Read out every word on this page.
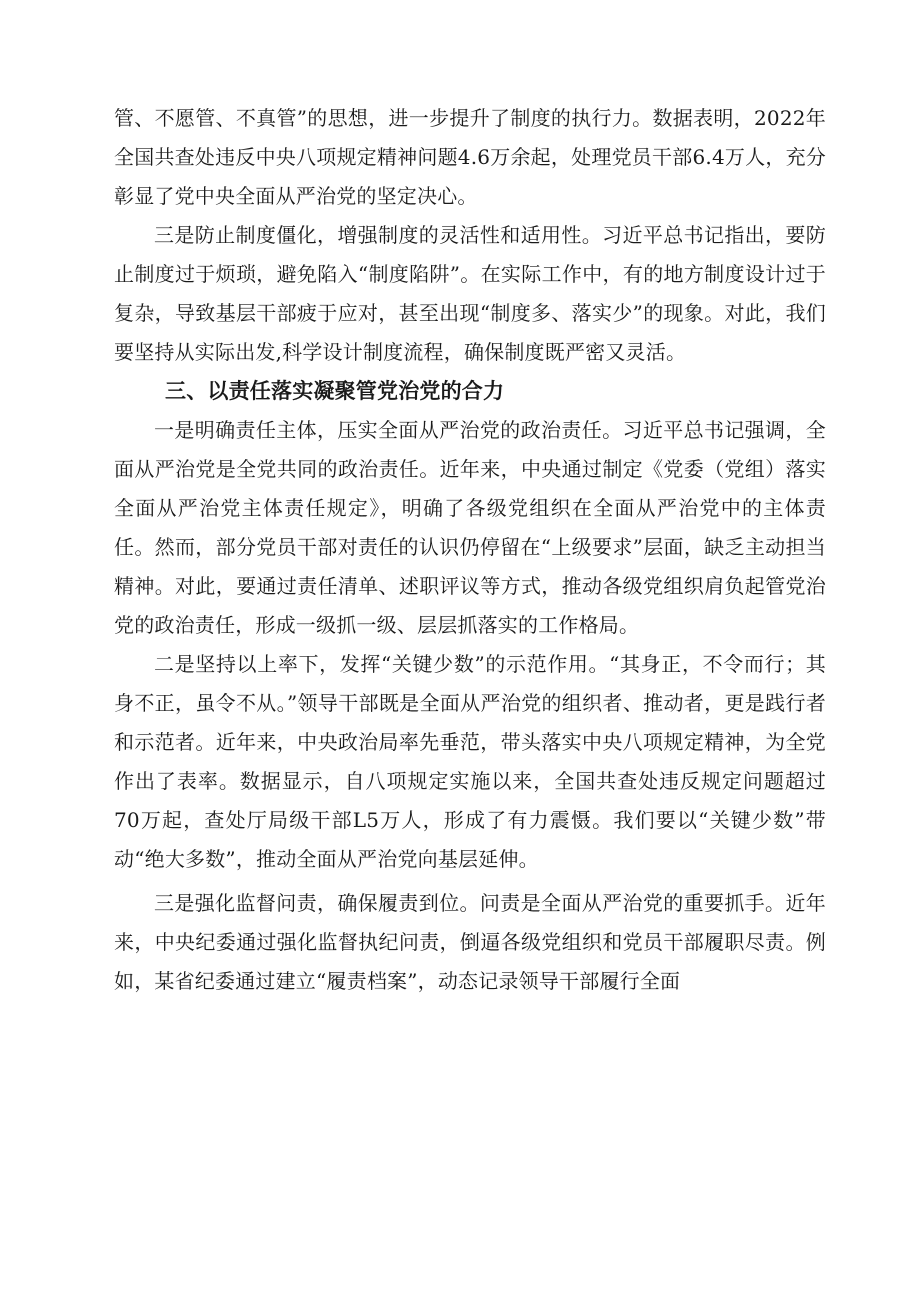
管、不愿管、不真管”的思想，进一步提升了制度的执行力。数据表明，2022年全国共查处违反中央八项规定精神问题4.6万余起，处理党员干部6.4万人，充分彰显了党中央全面从严治党的坚定决心。

三是防止制度僵化，增强制度的灵活性和适用性。习近平总书记指出，要防止制度过于烦琐，避免陷入“制度陷阱”。在实际工作中，有的地方制度设计过于复杂，导致基层干部疲于应对，甚至出现“制度多、落实少”的现象。对此，我们要坚持从实际出发,科学设计制度流程，确保制度既严密又灵活。

三、以责任落实凝聚管党治党的合力

一是明确责任主体，压实全面从严治党的政治责任。习近平总书记强调，全面从严治党是全党共同的政治责任。近年来，中央通过制定《党委（党组）落实全面从严治党主体责任规定》，明确了各级党组织在全面从严治党中的主体责任。然而，部分党员干部对责任的认识仍停留在“上级要求”层面，缺乏主动担当精神。对此，要通过责任清单、述职评议等方式，推动各级党组织肩负起管党治党的政治责任，形成一级抓一级、层层抓落实的工作格局。

二是坚持以上率下，发挥“关键少数”的示范作用。“其身正，不令而行；其身不正，虽令不从。”领导干部既是全面从严治党的组织者、推动者，更是践行者和示范者。近年来，中央政治局率先垂范，带头落实中央八项规定精神，为全党作出了表率。数据显示，自八项规定实施以来，全国共查处违反规定问题超过70万起，查处厅局级干部L5万人，形成了有力震慑。我们要以“关键少数”带动“绝大多数”，推动全面从严治党向基层延伸。

三是强化监督问责，确保履责到位。问责是全面从严治党的重要抓手。近年来，中央纪委通过强化监督执纪问责，倒逼各级党组织和党员干部履职尽责。例如，某省纪委通过建立“履责档案”，动态记录领导干部履行全面
